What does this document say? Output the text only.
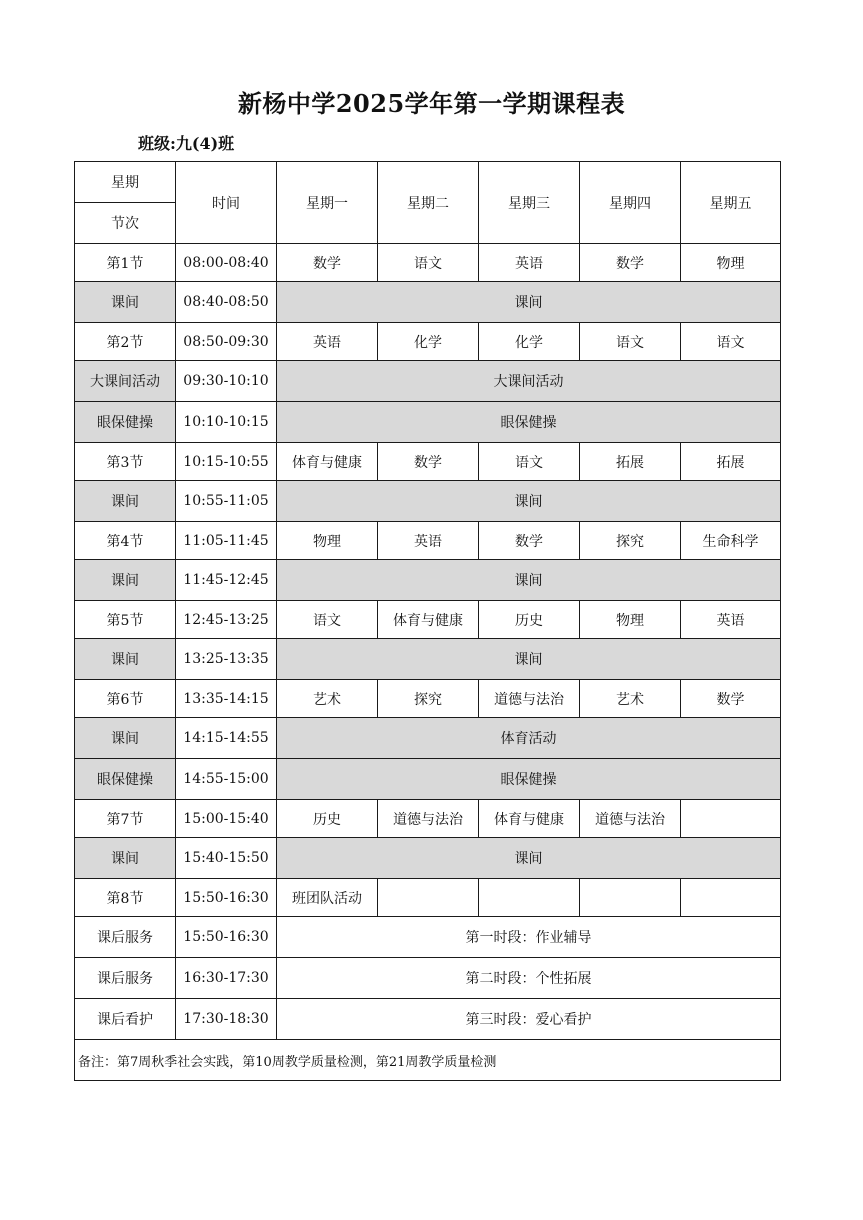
新杨中学2025学年第一学期课程表
班级:九(4)班
星期	时间	星期一	星期二	星期三	星期四	星期五
节次						
第1节	08:00-08:40	数学	语文	英语	数学	物理
课间	08:40-08:50	课间				
第2节	08:50-09:30	英语	化学	化学	语文	语文
大课间活动	09:30-10:10	大课间活动				
眼保健操	10:10-10:15	眼保健操				
第3节	10:15-10:55	体育与健康	数学	语文	拓展	拓展
课间	10:55-11:05	课间				
第4节	11:05-11:45	物理	英语	数学	探究	生命科学
课间	11:45-12:45	课间				
第5节	12:45-13:25	语文	体育与健康	历史	物理	英语
课间	13:25-13:35	课间				
第6节	13:35-14:15	艺术	探究	道德与法治	艺术	数学
课间	14:15-14:55	体育活动				
眼保健操	14:55-15:00	眼保健操				
第7节	15:00-15:40	历史	道德与法治	体育与健康	道德与法治	
课间	15:40-15:50	课间				
第8节	15:50-16:30	班团队活动				
课后服务	15:50-16:30	第一时段：作业辅导				
课后服务	16:30-17:30	第二时段：个性拓展				
课后看护	17:30-18:30	第三时段：爱心看护				
备注：第7周秋季社会实践，第10周教学质量检测，第21周教学质量检测						
